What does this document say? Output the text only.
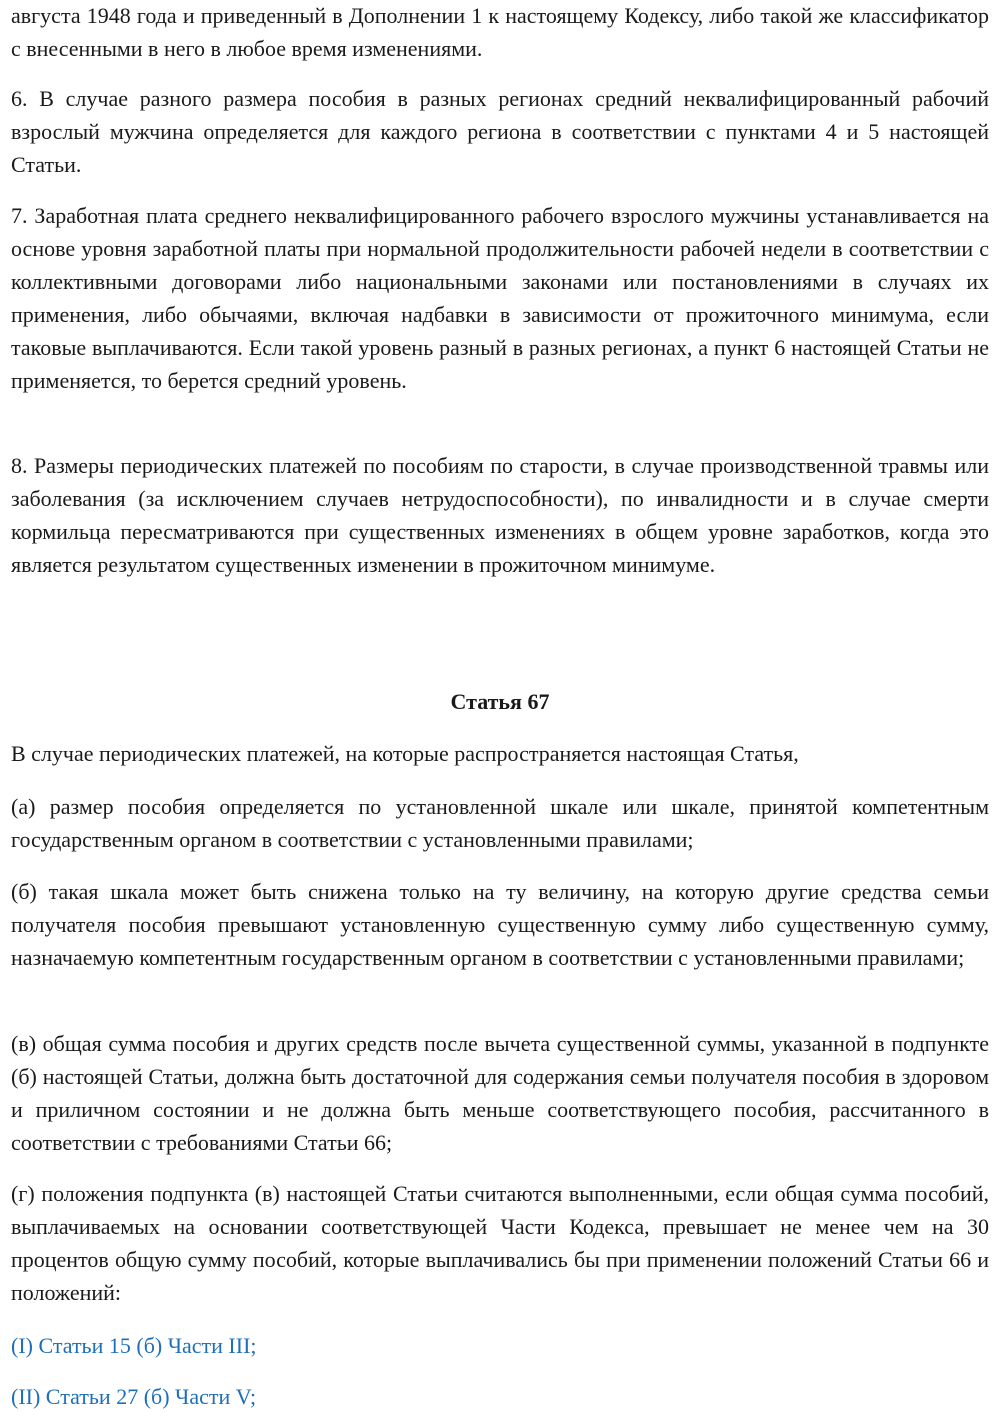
августа 1948 года и приведенный в Дополнении 1 к настоящему Кодексу, либо такой же классификатор с внесенными в него в любое время изменениями.

6. В случае разного размера пособия в разных регионах средний неквалифицированный рабочий взрослый мужчина определяется для каждого региона в соответствии с пунктами 4 и 5 настоящей Статьи.

7. Заработная плата среднего неквалифицированного рабочего взрослого мужчины устанавливается на основе уровня заработной платы при нормальной продолжительности рабочей недели в соответствии с коллективными договорами либо национальными законами или постановлениями в случаях их применения, либо обычаями, включая надбавки в зависимости от прожиточного минимума, если таковые выплачиваются. Если такой уровень разный в разных регионах, а пункт 6 настоящей Статьи не применяется, то берется средний уровень.

8. Размеры периодических платежей по пособиям по старости, в случае производственной травмы или заболевания (за исключением случаев нетрудоспособности), по инвалидности и в случае смерти кормильца пересматриваются при существенных изменениях в общем уровне заработков, когда это является результатом существенных изменении в прожиточном минимуме.

Статья 67

В случае периодических платежей, на которые распространяется настоящая Статья,

(а) размер пособия определяется по установленной шкале или шкале, принятой компетентным государственным органом в соответствии с установленными правилами;

(б) такая шкала может быть снижена только на ту величину, на которую другие средства семьи получателя пособия превышают установленную существенную сумму либо существенную сумму, назначаемую компетентным государственным органом в соответствии с установленными правилами;

(в) общая сумма пособия и других средств после вычета существенной суммы, указанной в подпункте (б) настоящей Статьи, должна быть достаточной для содержания семьи получателя пособия в здоровом и приличном состоянии и не должна быть меньше соответствующего пособия, рассчитанного в соответствии с требованиями Статьи 66;

(г) положения подпункта (в) настоящей Статьи считаются выполненными, если общая сумма пособий, выплачиваемых на основании соответствующей Части Кодекса, превышает не менее чем на 30 процентов общую сумму пособий, которые выплачивались бы при применении положений Статьи 66 и положений:

(I) Статьи 15 (б) Части III;

(II) Статьи 27 (б) Части V;
